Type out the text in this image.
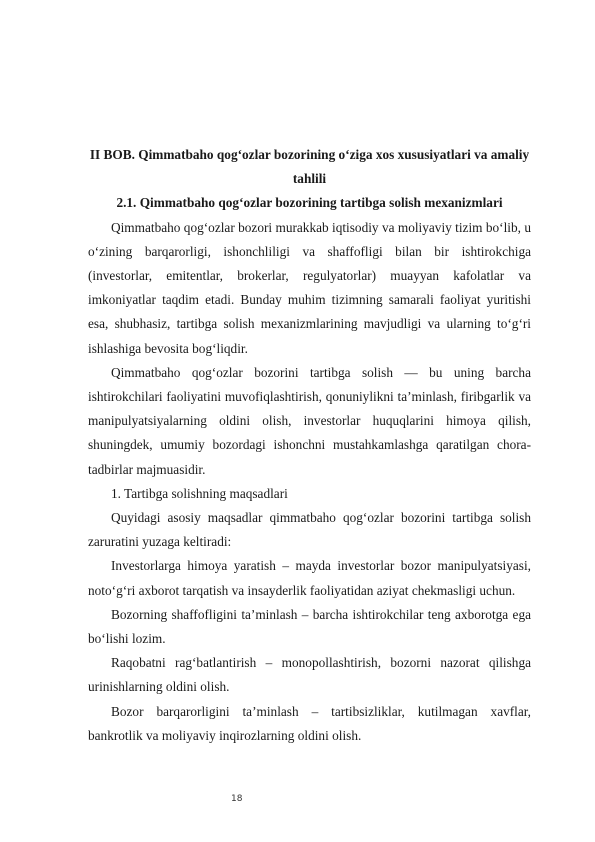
II BOB. Qimmatbaho qog‘ozlar bozorining o‘ziga xos xususiyatlari va amaliy tahlili

2.1. Qimmatbaho qog‘ozlar bozorining tartibga solish mexanizmlari

Qimmatbaho qog‘ozlar bozori murakkab iqtisodiy va moliyaviy tizim bo‘lib, u o‘zining barqarorligi, ishonchliligi va shaffofligi bilan bir ishtirokchiga (investorlar, emitentlar, brokerlar, regulyatorlar) muayyan kafolatlar va imkoniyatlar taqdim etadi. Bunday muhim tizimning samarali faoliyat yuritishi esa, shubhasiz, tartibga solish mexanizmlarining mavjudligi va ularning to‘g‘ri ishlashiga bevosita bog‘liqdir.

Qimmatbaho qog‘ozlar bozorini tartibga solish — bu uning barcha ishtirokchilari faoliyatini muvofiqlashtirish, qonuniylikni ta’minlash, firibgarlik va manipulyatsiyalarning oldini olish, investorlar huquqlarini himoya qilish, shuningdek, umumiy bozordagi ishonchni mustahkamlashga qaratilgan chora-tadbirlar majmuasidir.

1. Tartibga solishning maqsadlari

Quyidagi asosiy maqsadlar qimmatbaho qog‘ozlar bozorini tartibga solish zaruratini yuzaga keltiradi:

Investorlarga himoya yaratish – mayda investorlar bozor manipulyatsiyasi, noto‘g‘ri axborot tarqatish va insayderlik faoliyatidan aziyat chekmasligi uchun.

Bozorning shaffofligini ta’minlash – barcha ishtirokchilar teng axborotga ega bo‘lishi lozim.

Raqobatni rag‘batlantirish – monopollashtirish, bozorni nazorat qilishga urinishlarning oldini olish.

Bozor barqarorligini ta’minlash – tartibsizliklar, kutilmagan xavflar, bankrotlik va moliyaviy inqirozlarning oldini olish.

18
